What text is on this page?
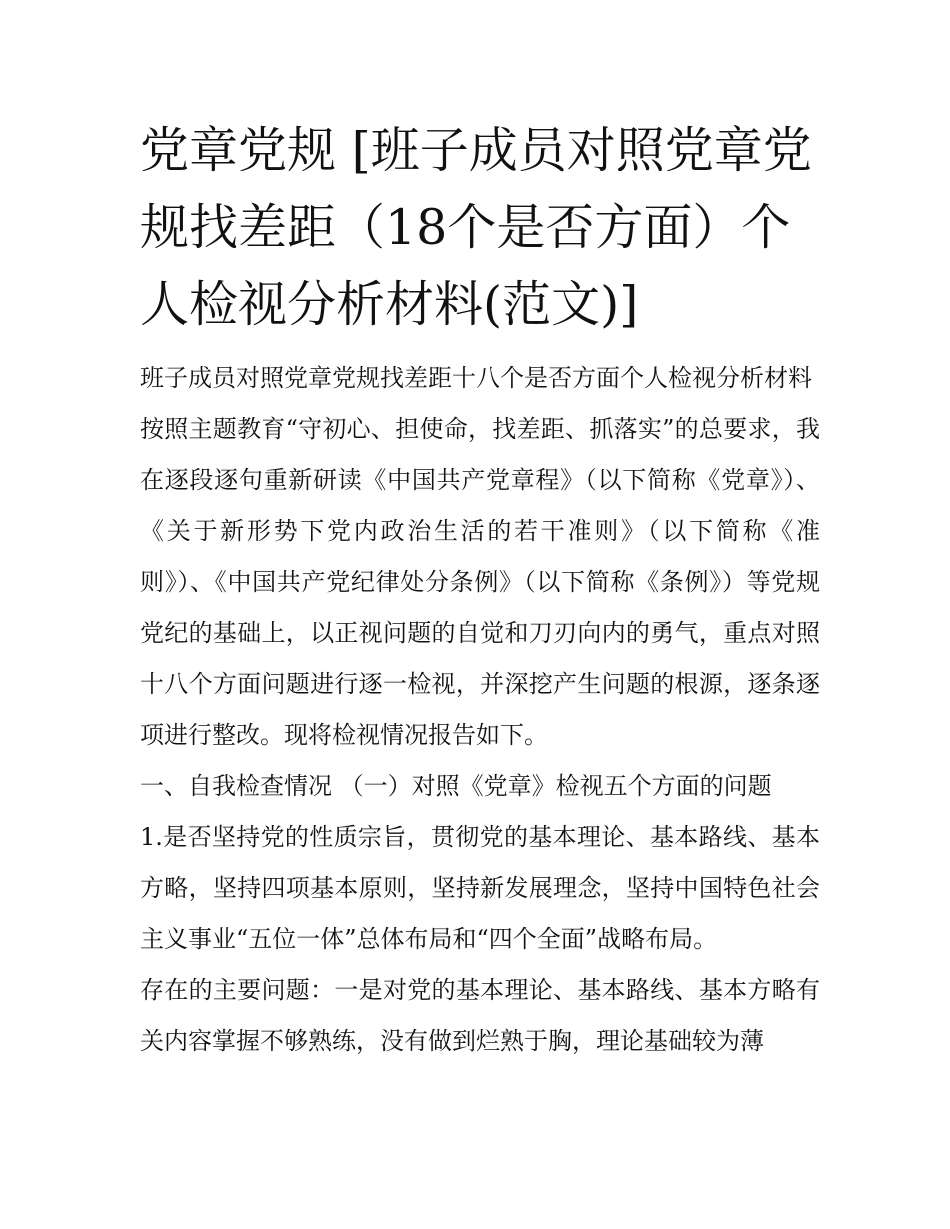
党章党规 [班子成员对照党章党规找差距（18个是否方面）个人检视分析材料(范文)]

班子成员对照党章党规找差距十八个是否方面个人检视分析材料

按照主题教育“守初心、担使命，找差距、抓落实”的总要求，我在逐段逐句重新研读《中国共产党章程》（以下简称《党章》）、《关于新形势下党内政治生活的若干准则》（以下简称《准则》）、《中国共产党纪律处分条例》（以下简称《条例》）等党规党纪的基础上，以正视问题的自觉和刀刃向内的勇气，重点对照十八个方面问题进行逐一检视，并深挖产生问题的根源，逐条逐项进行整改。现将检视情况报告如下。

一、自我检查情况 （一）对照《党章》检视五个方面的问题

1.是否坚持党的性质宗旨，贯彻党的基本理论、基本路线、基本方略，坚持四项基本原则，坚持新发展理念，坚持中国特色社会主义事业“五位一体”总体布局和“四个全面”战略布局。

存在的主要问题：一是对党的基本理论、基本路线、基本方略有关内容掌握不够熟练，没有做到烂熟于胸，理论基础较为薄
